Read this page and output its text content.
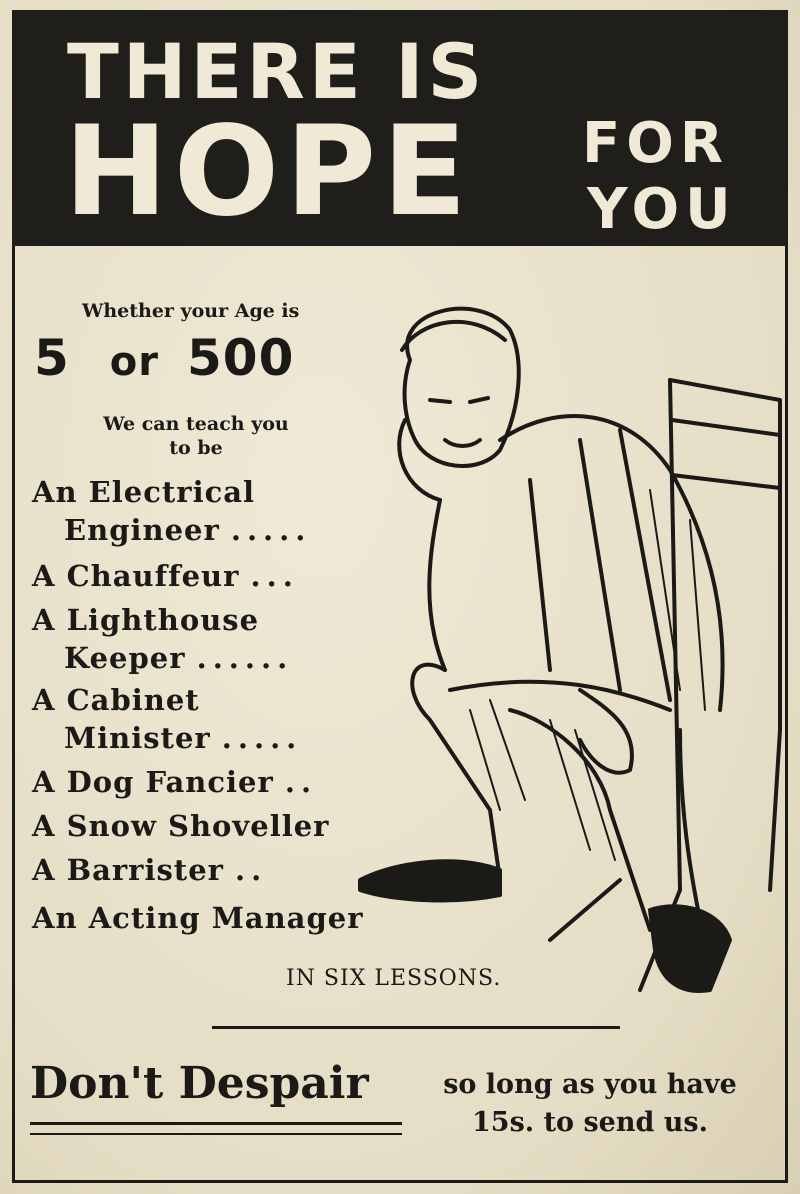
THERE IS
HOPE FOR
YOU
Whether your Age is
5 or 500
We can teach you
to be
An Electrical
Engineer .....
A Chauffeur ...
A Lighthouse
Keeper ......
A Cabinet
Minister .....
A Dog Fancier ..
A Snow Shoveller
A Barrister ..
An Acting Manager
IN SIX LESSONS.
Don't Despair	so long as you have
15s. to send us.
